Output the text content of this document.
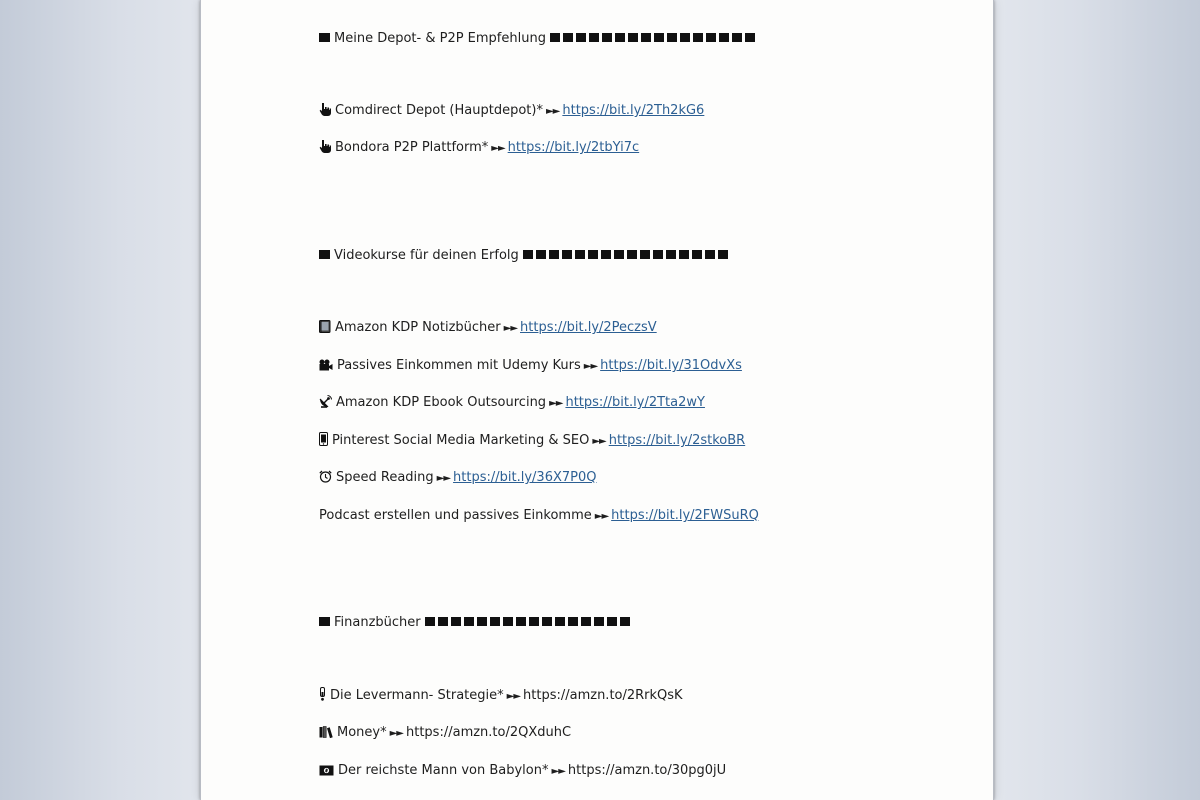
Meine Depot- & P2P Empfehlung
Comdirect Depot (Hauptdepot)* ►► https://bit.ly/2Th2kG6
Bondora P2P Plattform* ►► https://bit.ly/2tbYi7c
Videokurse für deinen Erfolg
Amazon KDP Notizbücher ►► https://bit.ly/2PeczsV
Passives Einkommen mit Udemy Kurs ►► https://bit.ly/31OdvXs
Amazon KDP Ebook Outsourcing ►► https://bit.ly/2Tta2wY
Pinterest Social Media Marketing & SEO ►► https://bit.ly/2stkoBR
Speed Reading ►► https://bit.ly/36X7P0Q
Podcast erstellen und passives Einkomme ►► https://bit.ly/2FWSuRQ
Finanzbücher
Die Levermann- Strategie* ►► https://amzn.to/2RrkQsK
Money* ►► https://amzn.to/2QXduhC
Der reichste Mann von Babylon* ►► https://amzn.to/30pg0jU
